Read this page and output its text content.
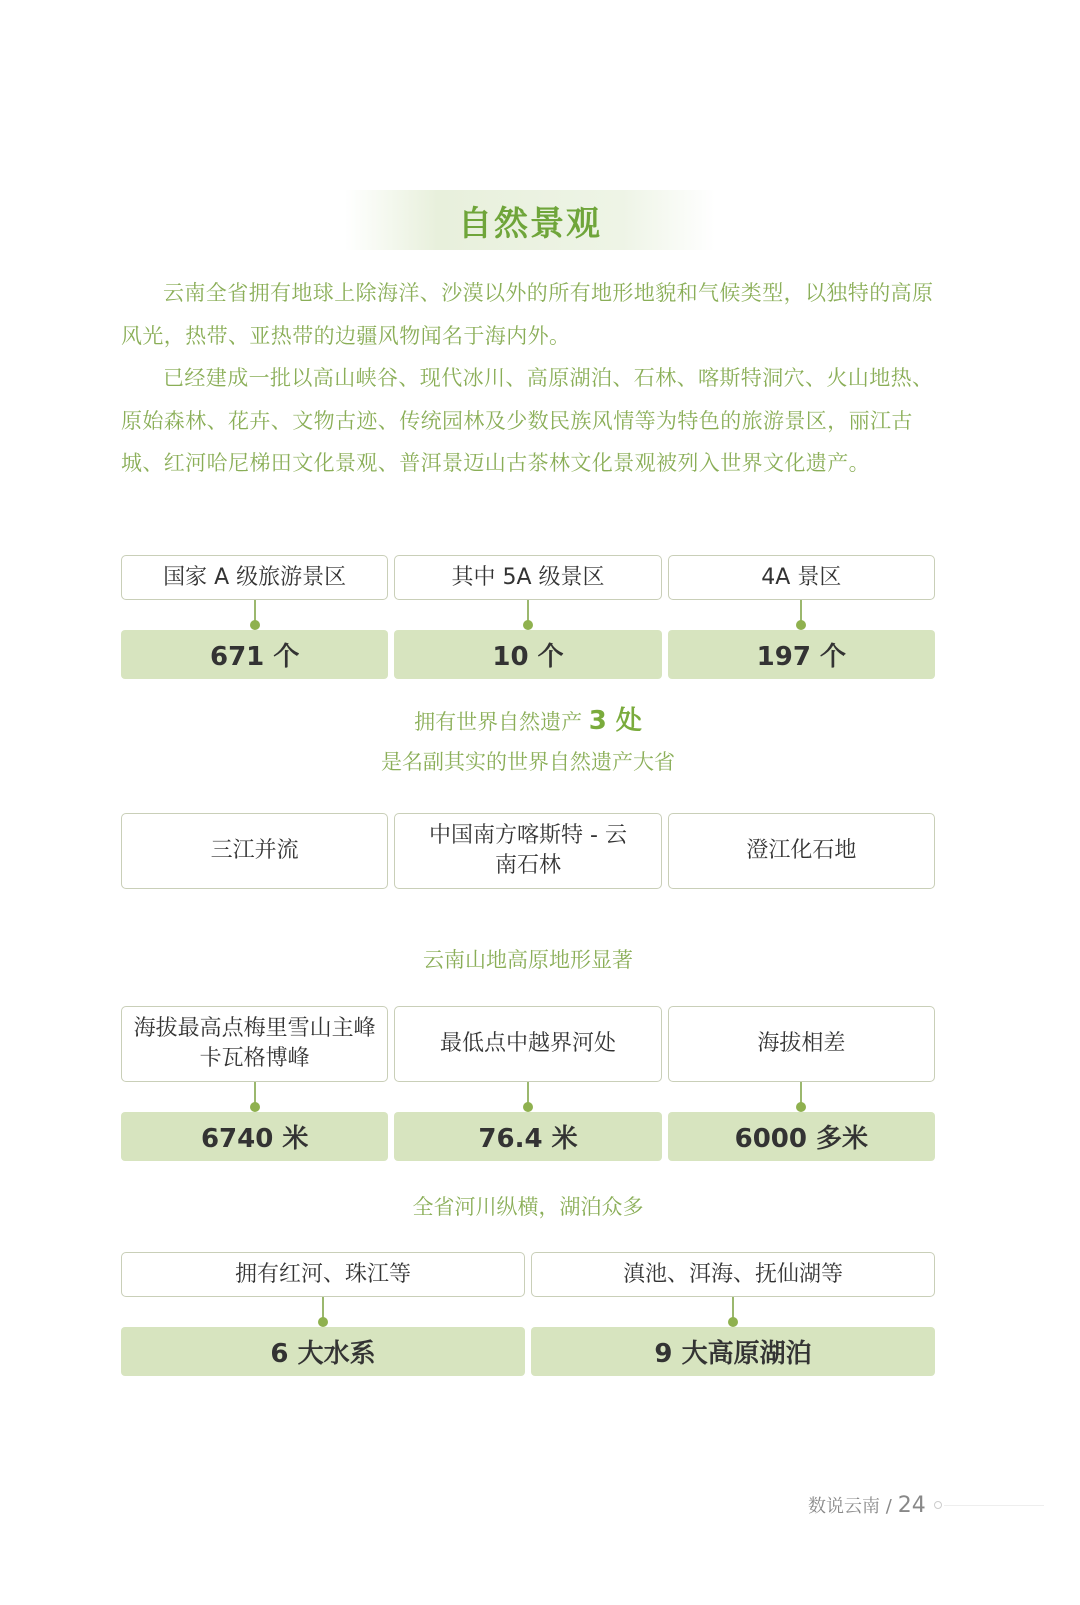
自然景观

云南全省拥有地球上除海洋、沙漠以外的所有地形地貌和气候类型，以独特的高原风光，热带、亚热带的边疆风物闻名于海内外。

已经建成一批以高山峡谷、现代冰川、高原湖泊、石林、喀斯特洞穴、火山地热、原始森林、花卉、文物古迹、传统园林及少数民族风情等为特色的旅游景区，丽江古城、红河哈尼梯田文化景观、普洱景迈山古茶林文化景观被列入世界文化遗产。

国家 A 级旅游景区
671 个
其中 5A 级景区
10 个
4A 景区
197 个
拥有世界自然遗产 3 处
是名副其实的世界自然遗产大省
三江并流
中国南方喀斯特 - 云南石林
澄江化石地
云南山地高原地形显著
海拔最高点梅里雪山主峰卡瓦格博峰
6740 米
最低点中越界河处
76.4 米
海拔相差
6000 多米
全省河川纵横，湖泊众多
拥有红河、珠江等
6 大水系
滇池、洱海、抚仙湖等
9 大高原湖泊
数说云南 / 24
